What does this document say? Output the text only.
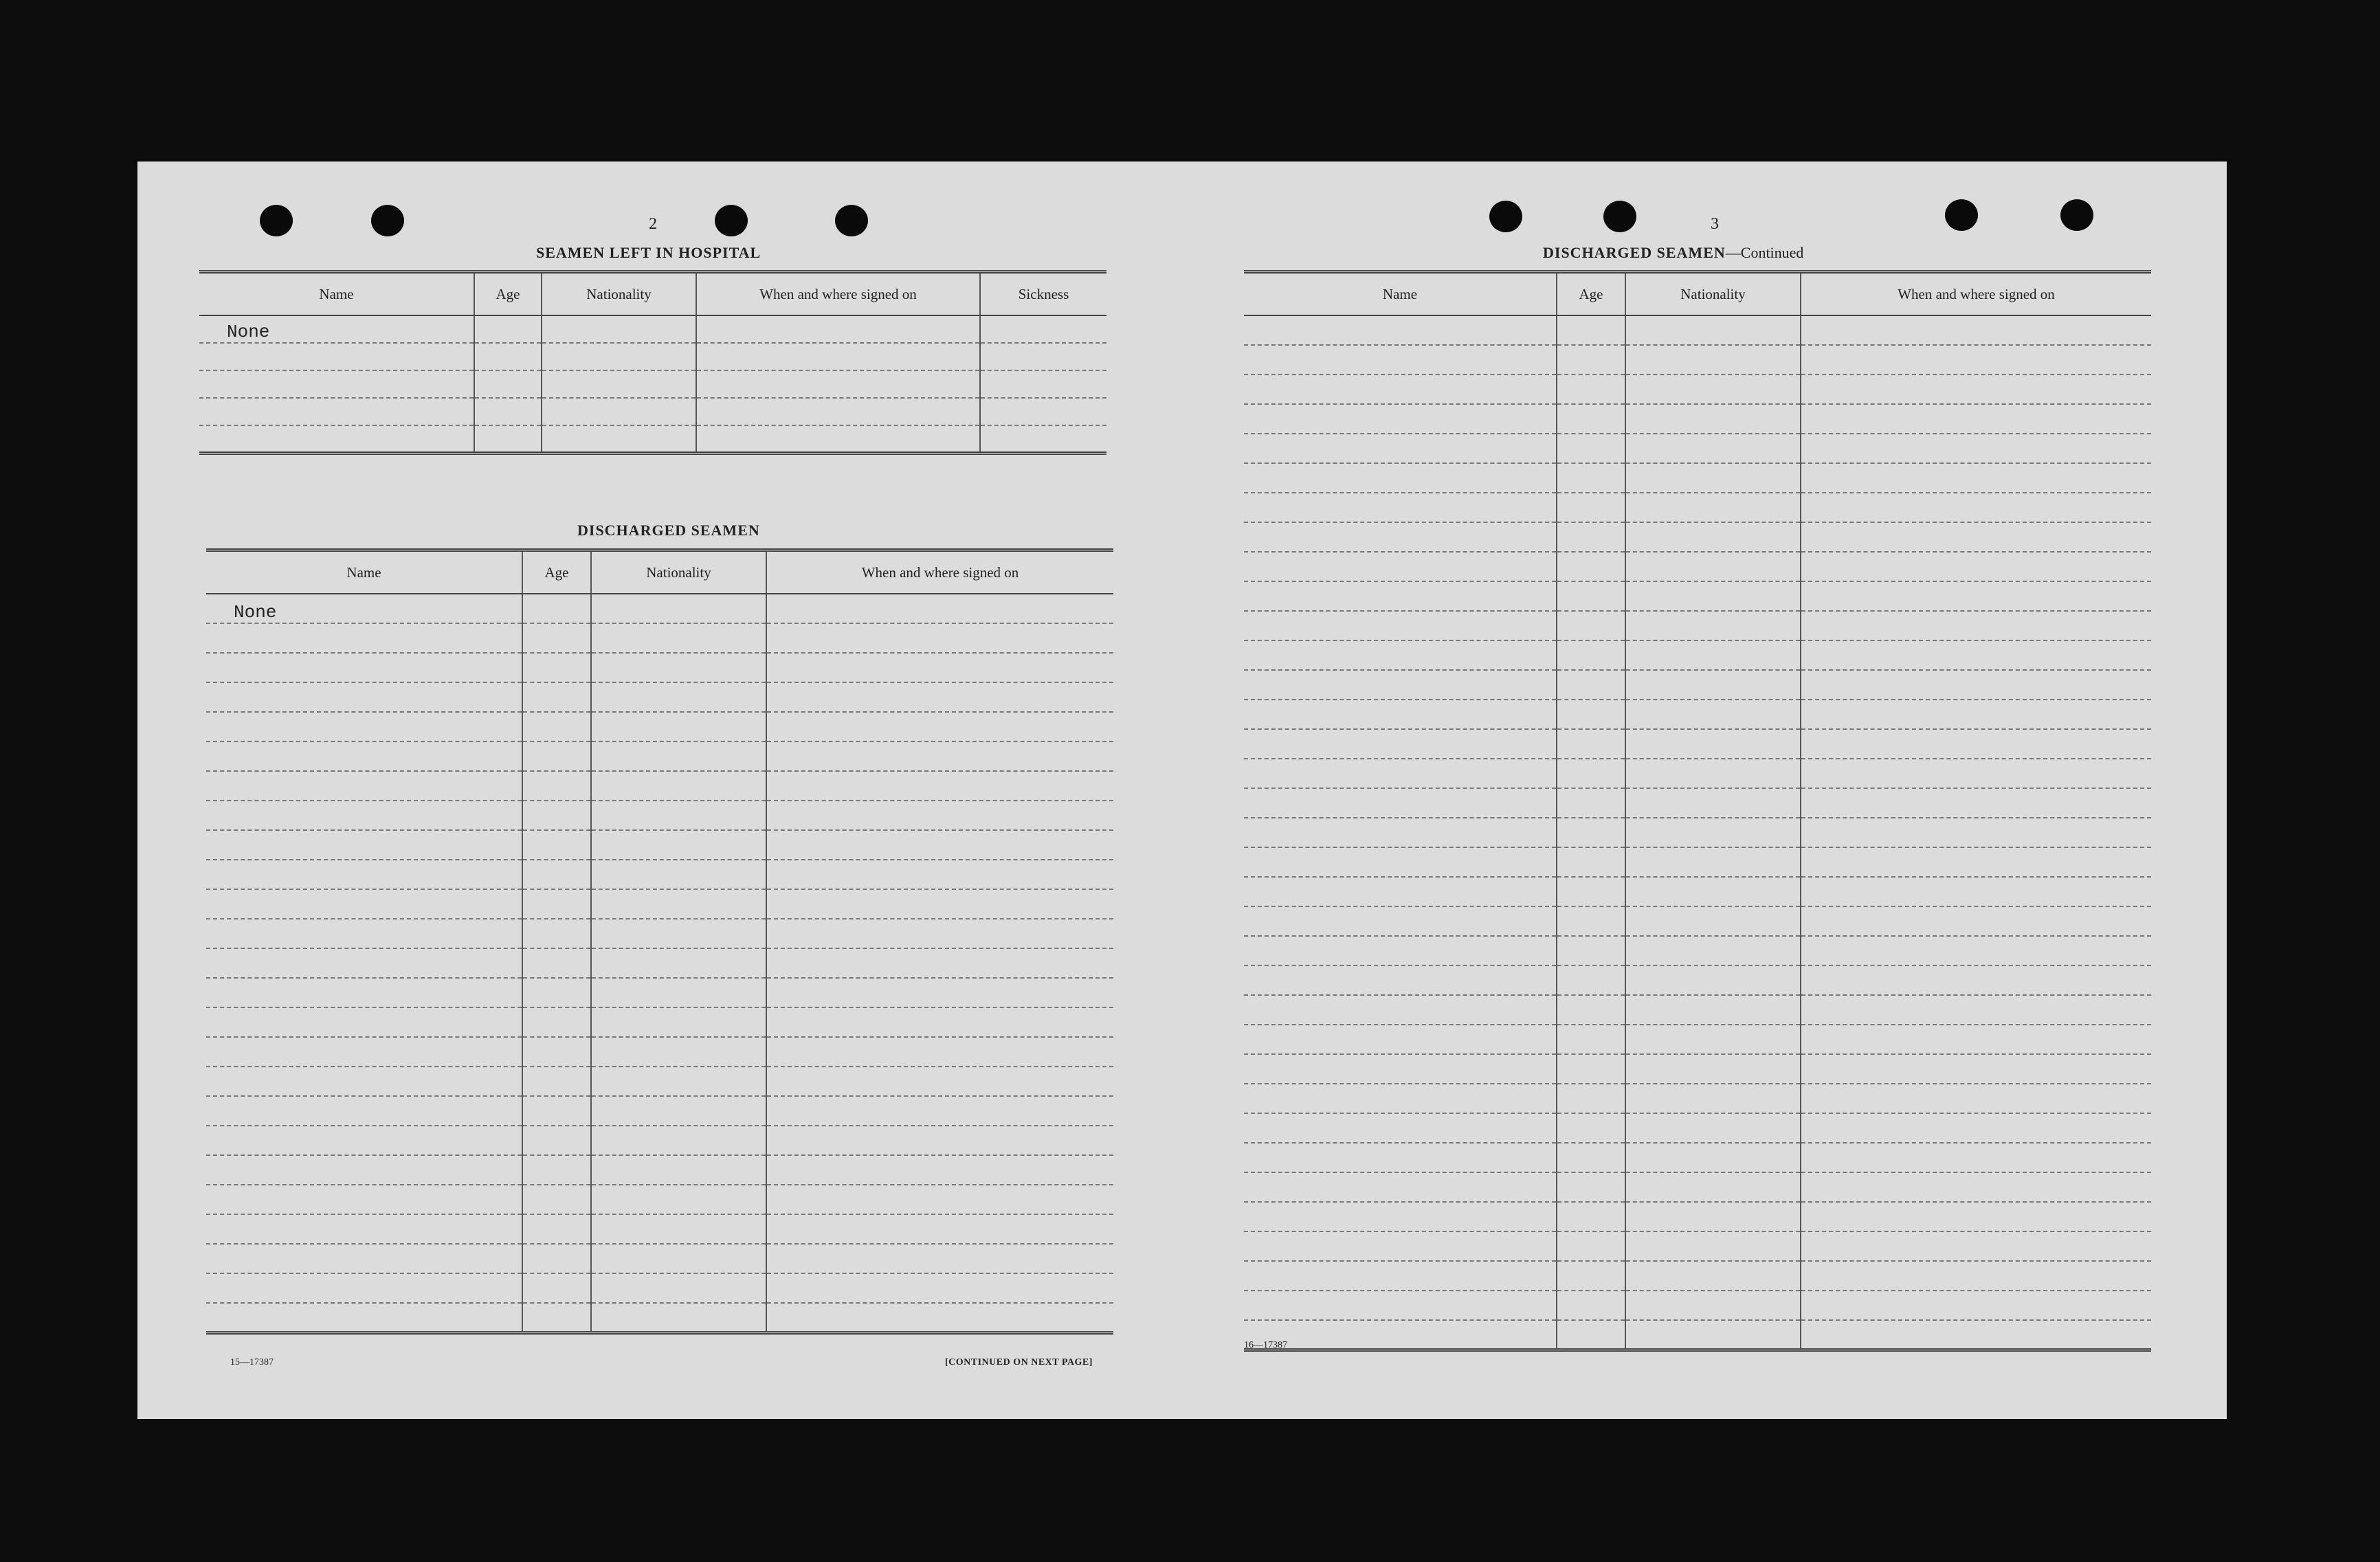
2
SEAMEN LEFT IN HOSPITAL
Name	Age	Nationality	When and where signed on	Sickness
None				

DISCHARGED SEAMEN
Name	Age	Nationality	When and where signed on
None			

15—17387	[CONTINUED ON NEXT PAGE]
3
DISCHARGED SEAMEN—Continued
Name	Age	Nationality	When and where signed on

16—17387
